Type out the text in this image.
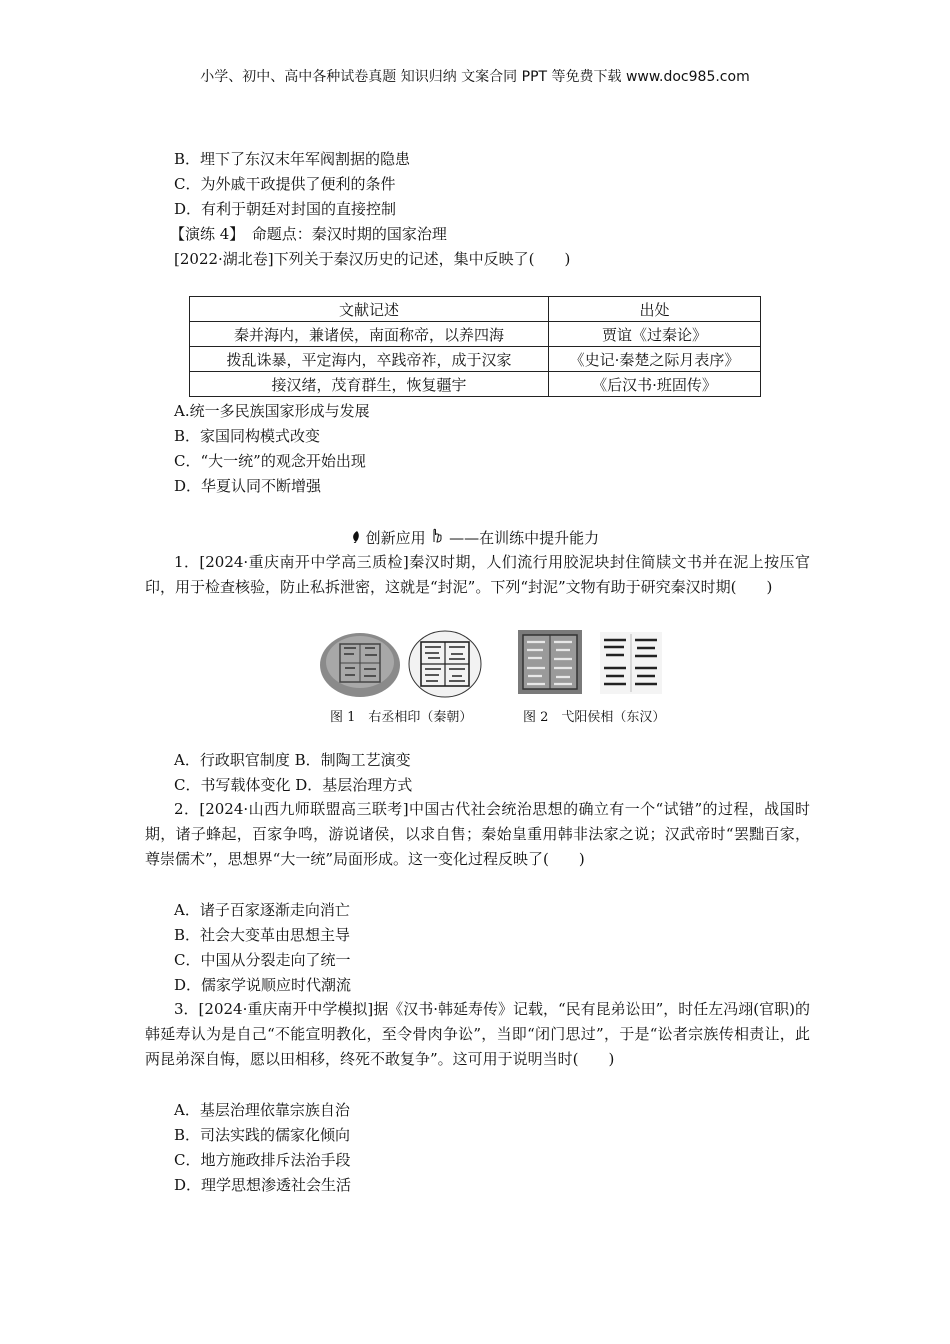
小学、初中、高中各种试卷真题 知识归纳 文案合同 PPT 等免费下载 www.doc985.com
B．埋下了东汉末年军阀割据的隐患
C．为外戚干政提供了便利的条件
D．有利于朝廷对封国的直接控制
【演练 4】　命题点：秦汉时期的国家治理
[2022·湖北卷]下列关于秦汉历史的记述，集中反映了(　　)
文献记述	出处
秦并海内，兼诸侯，南面称帝，以养四海	贾谊《过秦论》
拨乱诛暴，平定海内，卒践帝祚，成于汉家	《史记·秦楚之际月表序》
接汉绪，茂育群生，恢复疆宇	《后汉书·班固传》
A.统一多民族国家形成与发展
B．家国同构模式改变
C．“大一统”的观念开始出现
D．华夏认同不断增强
创新应用 ——在训练中提升能力

1．[2024·重庆南开中学高三质检]秦汉时期，人们流行用胶泥块封住简牍文书并在泥上按压官印，用于检查核验，防止私拆泄密，这就是“封泥”。下列“封泥”文物有助于研究秦汉时期(　　)

图 1　右丞相印（秦朝）	图 2　弋阳侯相（东汉）
A．行政职官制度 B．制陶工艺演变
C．书写载体变化 D．基层治理方式

2．[2024·山西九师联盟高三联考]中国古代社会统治思想的确立有一个“试错”的过程，战国时期，诸子蜂起，百家争鸣，游说诸侯，以求自售；秦始皇重用韩非法家之说；汉武帝时“罢黜百家，尊崇儒术”，思想界“大一统”局面形成。这一变化过程反映了(　　)

A．诸子百家逐渐走向消亡
B．社会大变革由思想主导
C．中国从分裂走向了统一
D．儒家学说顺应时代潮流

3．[2024·重庆南开中学模拟]据《汉书·韩延寿传》记载，“民有昆弟讼田”，时任左冯翊(官职)的韩延寿认为是自己“不能宣明教化，至令骨肉争讼”，当即“闭门思过”，于是“讼者宗族传相责让，此两昆弟深自悔，愿以田相移，终死不敢复争”。这可用于说明当时(　　)

A．基层治理依靠宗族自治
B．司法实践的儒家化倾向
C．地方施政排斥法治手段
D．理学思想渗透社会生活
